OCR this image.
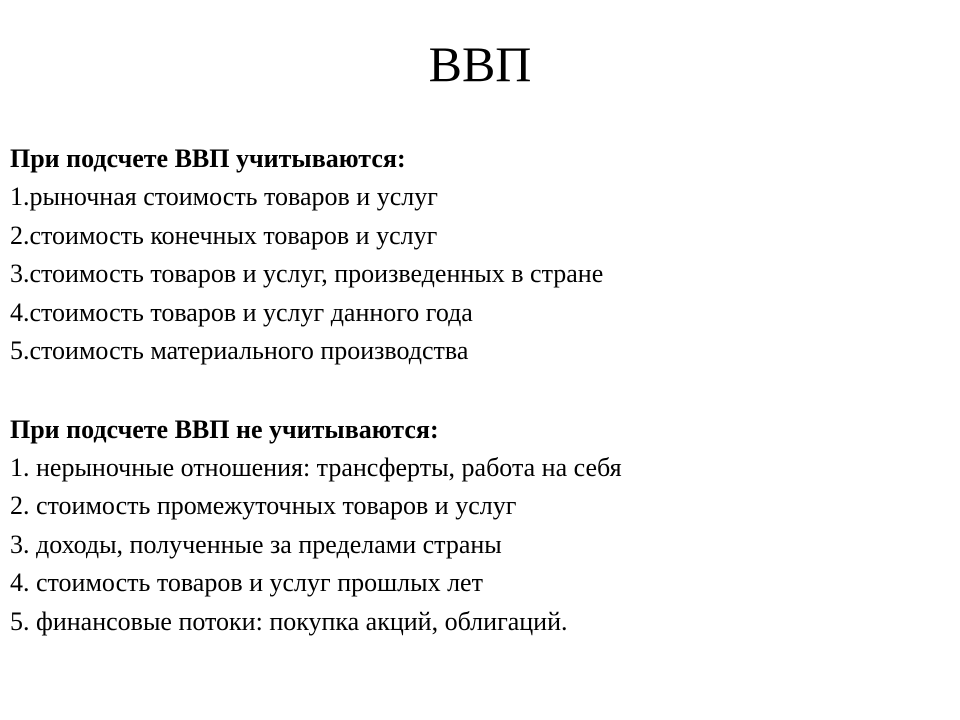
ВВП
При подсчете ВВП учитываются:
1.рыночная стоимость товаров и услуг
2.стоимость конечных товаров и услуг
3.стоимость товаров и услуг, произведенных в стране
4.стоимость товаров и услуг данного года
5.стоимость материального производства
При подсчете ВВП не учитываются:
1. нерыночные отношения: трансферты, работа на себя
2. стоимость промежуточных товаров и услуг
3. доходы, полученные за пределами страны
4. стоимость товаров и услуг прошлых лет
5. финансовые потоки: покупка акций, облигаций.
